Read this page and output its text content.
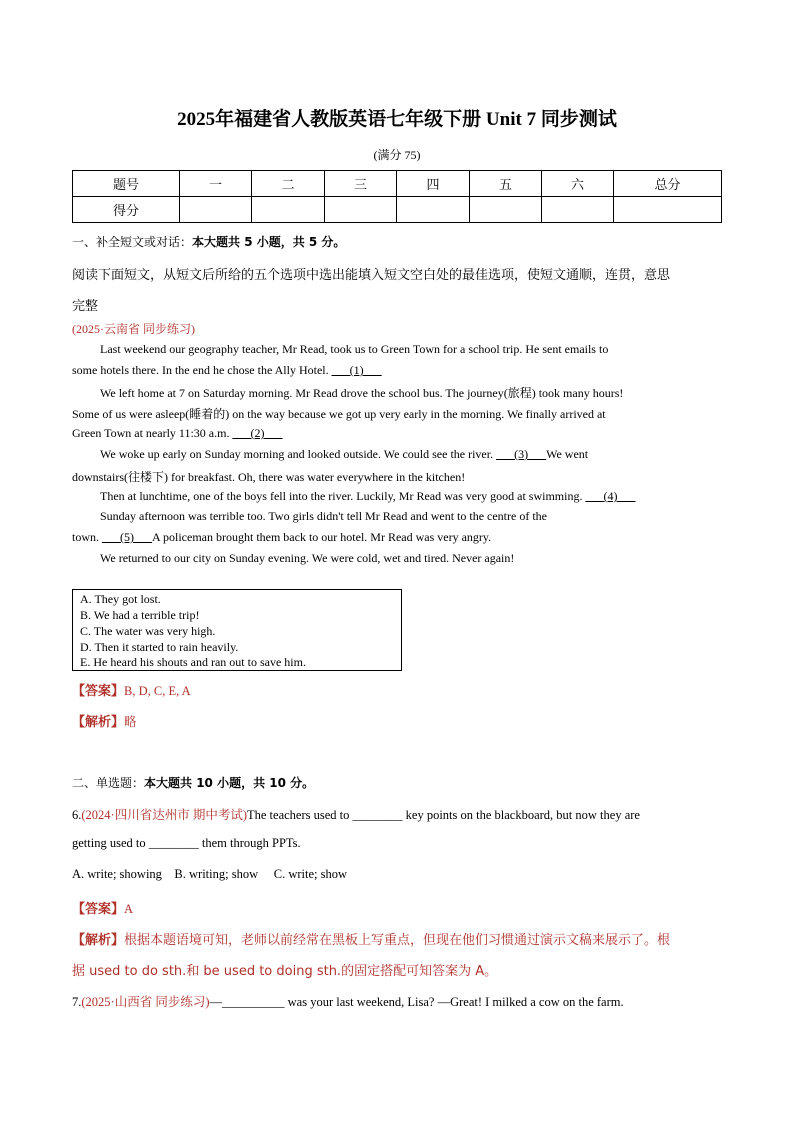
2025年福建省人教版英语七年级下册 Unit 7 同步测试
(满分 75)
题号	一	二	三	四	五	六	总分
得分							
一、补全短文或对话：本大题共 5 小题，共 5 分。
阅读下面短文，从短文后所给的五个选项中选出能填入短文空白处的最佳选项，使短文通顺，连贯，意思
完整
(2025·云南省 同步练习)
Last weekend our geography teacher, Mr Read, took us to Green Town for a school trip. He sent emails to
some hotels there. In the end he chose the Ally Hotel. ___(1)___
We left home at 7 on Saturday morning. Mr Read drove the school bus. The journey(旅程) took many hours!
Some of us were asleep(睡着的) on the way because we got up very early in the morning. We finally arrived at
Green Town at nearly 11:30 a.m. ___(2)___
We woke up early on Sunday morning and looked outside. We could see the river. ___(3)___We went
downstairs(往楼下) for breakfast. Oh, there was water everywhere in the kitchen!
Then at lunchtime, one of the boys fell into the river. Luckily, Mr Read was very good at swimming. ___(4)___
Sunday afternoon was terrible too. Two girls didn't tell Mr Read and went to the centre of the
town. ___(5)___A policeman brought them back to our hotel. Mr Read was very angry.
We returned to our city on Sunday evening. We were cold, wet and tired. Never again!
A. They got lost.
B. We had a terrible trip!
C. The water was very high.
D. Then it started to rain heavily.
E. He heard his shouts and ran out to save him.
【答案】B, D, C, E, A
【解析】略
二、单选题：本大题共 10 小题，共 10 分。
6.(2024·四川省达州市 期中考试)The teachers used to ________ key points on the blackboard, but now they are
getting used to ________ them through PPTs.
A. write; showing    B. writing; show     C. write; show
【答案】A
【解析】根据本题语境可知，老师以前经常在黑板上写重点，但现在他们习惯通过演示文稿来展示了。根
据 used to do sth.和 be used to doing sth.的固定搭配可知答案为 A。
7.(2025·山西省 同步练习)—__________ was your last weekend, Lisa? —Great! I milked a cow on the farm.
